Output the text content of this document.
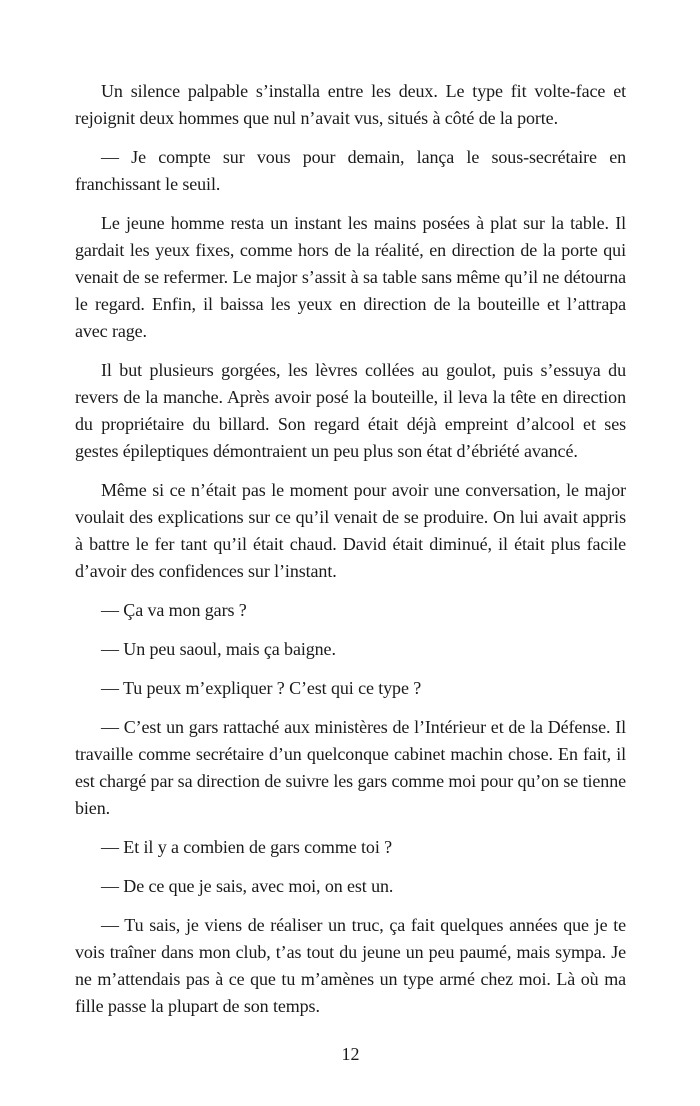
Un silence palpable s’installa entre les deux. Le type fit volte-face et rejoignit deux hommes que nul n’avait vus, situés à côté de la porte.

— Je compte sur vous pour demain, lança le sous-secrétaire en franchissant le seuil.

Le jeune homme resta un instant les mains posées à plat sur la table. Il gardait les yeux fixes, comme hors de la réalité, en direction de la porte qui venait de se refermer. Le major s’assit à sa table sans même qu’il ne détourna le regard. Enfin, il baissa les yeux en direction de la bouteille et l’attrapa avec rage.

Il but plusieurs gorgées, les lèvres collées au goulot, puis s’essuya du revers de la manche. Après avoir posé la bouteille, il leva la tête en direction du propriétaire du billard. Son regard était déjà empreint d’alcool et ses gestes épileptiques démontraient un peu plus son état d’ébriété avancé.

Même si ce n’était pas le moment pour avoir une conversation, le major voulait des explications sur ce qu’il venait de se produire. On lui avait appris à battre le fer tant qu’il était chaud. David était diminué, il était plus facile d’avoir des confidences sur l’instant.

— Ça va mon gars ?

— Un peu saoul, mais ça baigne.

— Tu peux m’expliquer ? C’est qui ce type ?

— C’est un gars rattaché aux ministères de l’Intérieur et de la Défense. Il travaille comme secrétaire d’un quelconque cabinet machin chose. En fait, il est chargé par sa direction de suivre les gars comme moi pour qu’on se tienne bien.

— Et il y a combien de gars comme toi ?

— De ce que je sais, avec moi, on est un.

— Tu sais, je viens de réaliser un truc, ça fait quelques années que je te vois traîner dans mon club, t’as tout du jeune un peu paumé, mais sympa. Je ne m’attendais pas à ce que tu m’amènes un type armé chez moi. Là où ma fille passe la plupart de son temps.

12
